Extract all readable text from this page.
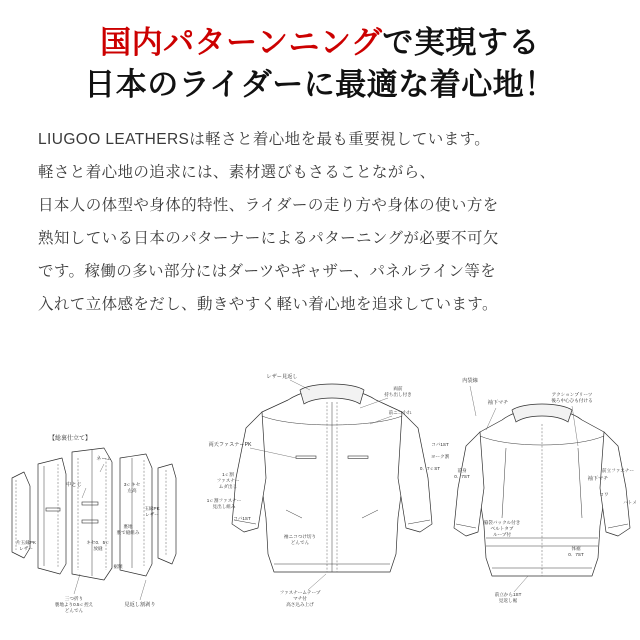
国内パターンニングで実現する
日本のライダーに最適な着心地！
LIUGOO LEATHERSは軽さと着心地を最も重要視しています。
軽さと着心地の追求には、素材選びもさることながら、
日本人の体型や身体的特性、ライダーの走り方や身体の使い方を
熟知している日本のパターナーによるパターニングが必要不可欠
です。稼働の多い部分にはダーツやギャザー、パネルライン等を
入れて立体感をだし、動きやすく軽い着心地を追求しています。
【総裏仕立て】
ネーム
中とじ	3ｃキセ
左高
玉縁PK
レザー
片玉縁PK
レザー
キセ0．5ｃ
放縫
裾額
裏地
裏で縫組み
三つ折り
裏地より0.5ｃ控え
どんでん
見返し割剥り
レザー見返し
両前
持ち出し付き
前ニコ小れ
両天ファスナーPK	コバ1ST
ヨーク割
0．7ｃST
1ｃ割
ファスナー
ムダ出し
1ｃ割ファスナー
見出し組み
コバ1ST
袖ニコつけ切り
どんでん
ファスナームテープ
マチ付
高さ込み上げ
内袋線
袖下マチ
アクションプリーツ
後ろ中心ひも付ける
袖下マチ
前身
0．7ST
ロワ
ハトメ
前立ファスナー
脇袋バックル付き
ベルトタブ
ループ付
体裾
0．7ST
前立から1ST
見返し裾
